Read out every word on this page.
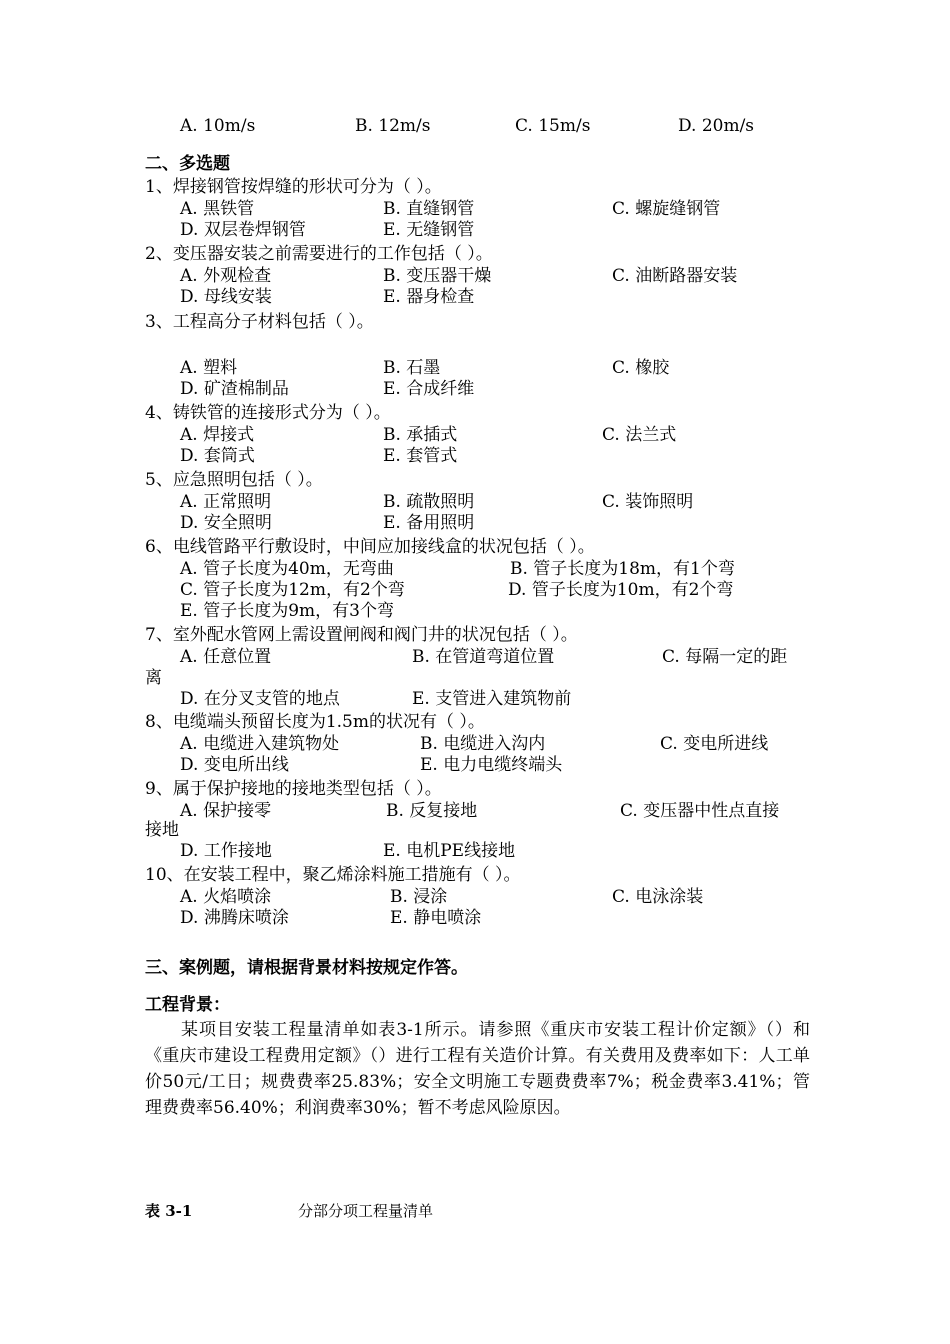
A. 10m/s	B. 12m/s	C. 15m/s	D. 20m/s
二、多选题
1、焊接钢管按焊缝的形状可分为（ ）。
A. 黑铁管	B. 直缝钢管	C. 螺旋缝钢管
D. 双层卷焊钢管	E. 无缝钢管
2、变压器安装之前需要进行的工作包括（ ）。
A. 外观检查	B. 变压器干燥	C. 油断路器安装
D. 母线安装	E. 器身检查
3、工程高分子材料包括（ ）。
A. 塑料	B. 石墨	C. 橡胶
D. 矿渣棉制品	E. 合成纤维
4、铸铁管的连接形式分为（ ）。
A. 焊接式	B. 承插式	C. 法兰式
D. 套筒式	E. 套管式
5、应急照明包括（ ）。
A. 正常照明	B. 疏散照明	C. 装饰照明
D. 安全照明	E. 备用照明
6、电线管路平行敷设时，中间应加接线盒的状况包括（ ）。
A. 管子长度为40m，无弯曲	B. 管子长度为18m，有1个弯
C. 管子长度为12m，有2个弯	D. 管子长度为10m，有2个弯
E. 管子长度为9m，有3个弯
7、室外配水管网上需设置闸阀和阀门井的状况包括（ ）。
A. 任意位置	B. 在管道弯道位置	C. 每隔一定的距
离
D. 在分叉支管的地点	E. 支管进入建筑物前
8、电缆端头预留长度为1.5m的状况有（ ）。
A. 电缆进入建筑物处	B. 电缆进入沟内	C. 变电所进线
D. 变电所出线	E. 电力电缆终端头
9、属于保护接地的接地类型包括（ ）。
A. 保护接零	B. 反复接地	C. 变压器中性点直接
接地
D. 工作接地	E. 电机PE线接地
10、在安装工程中，聚乙烯涂料施工措施有（ ）。
A. 火焰喷涂	B. 浸涂	C. 电泳涂装
D. 沸腾床喷涂	E. 静电喷涂
三、案例题，请根据背景材料按规定作答。
工程背景：

某项目安装工程量清单如表3-1所示。请参照《重庆市安装工程计价定额》（）和《重庆市建设工程费用定额》（）进行工程有关造价计算。有关费用及费率如下：人工单价50元/工日；规费费率25.83%；安全文明施工专题费费率7%；税金费率3.41%；管理费费率56.40%；利润费率30%；暂不考虑风险原因。

表 3-1	分部分项工程量清单
